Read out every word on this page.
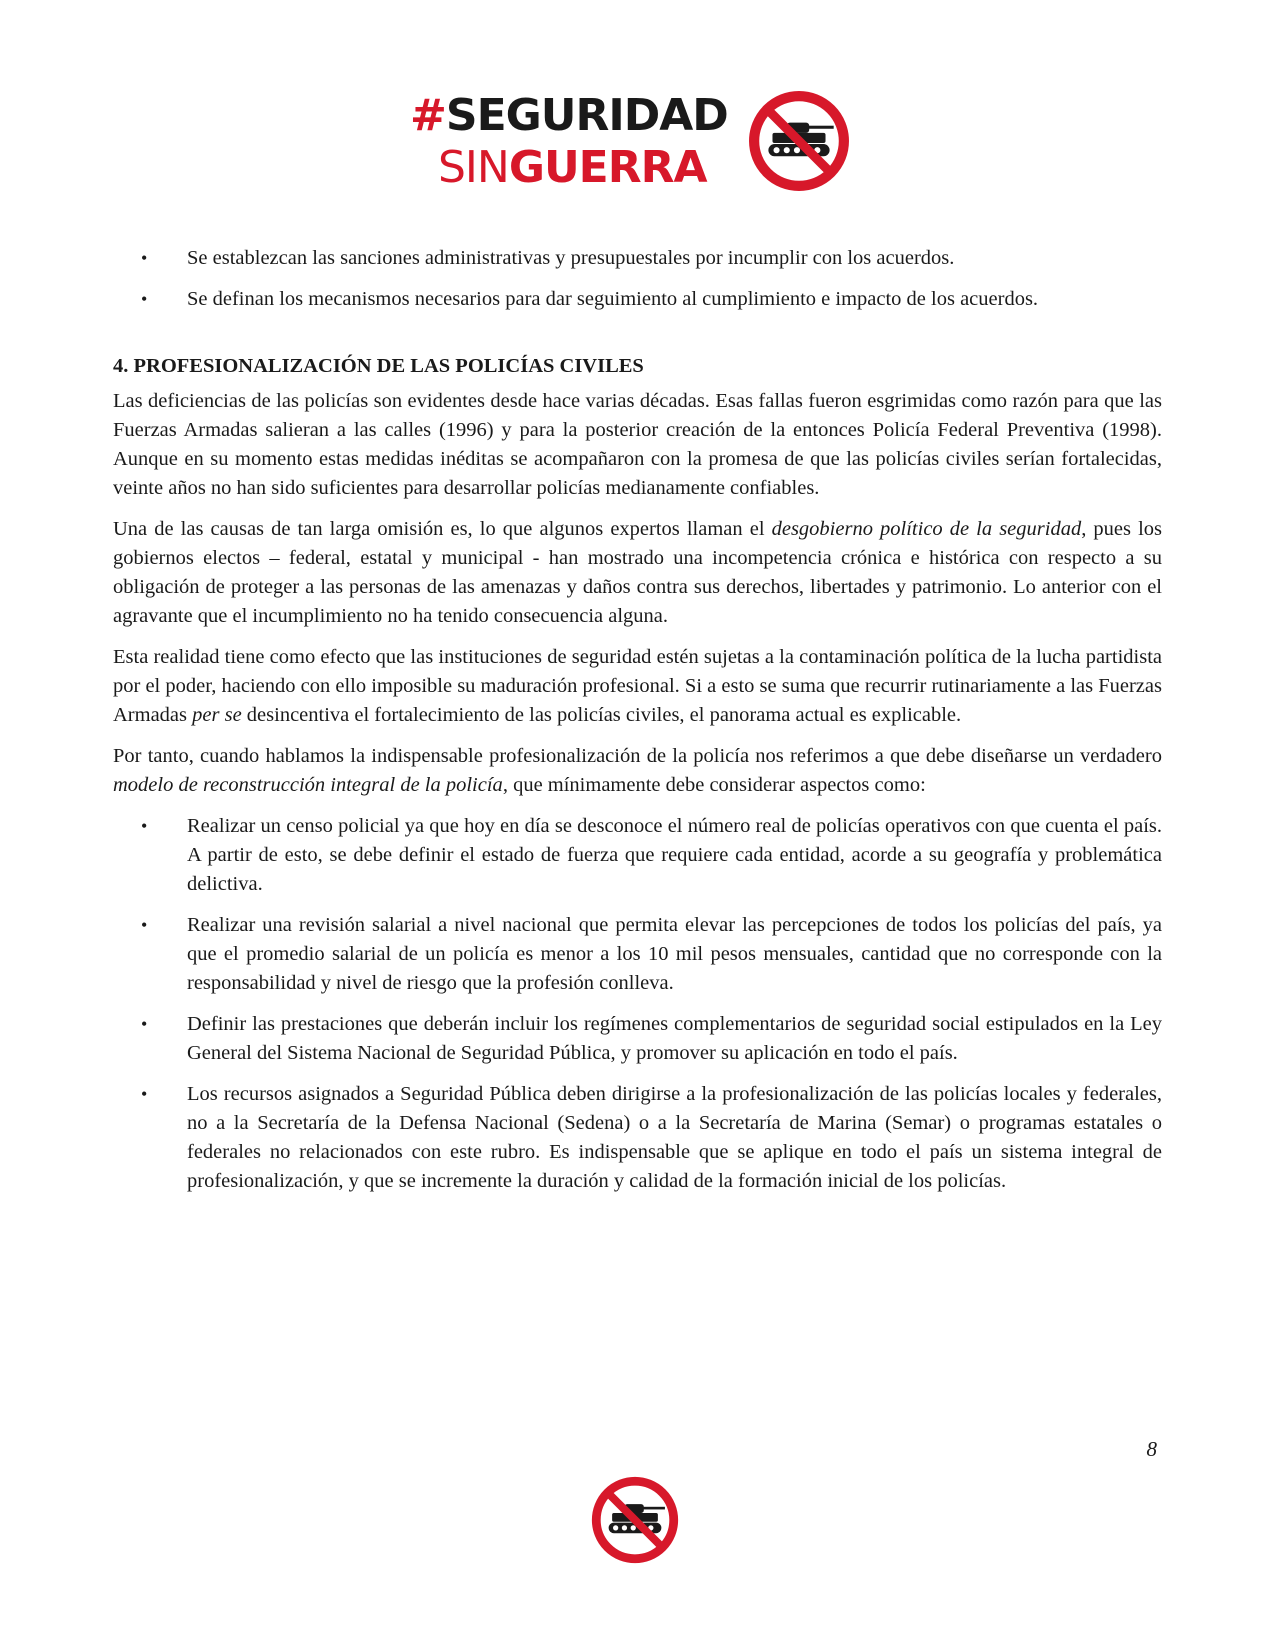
#SEGURIDAD
SINGUERRA
• Se establezcan las sanciones administrativas y presupuestales por incumplir con los acuerdos.
• Se definan los mecanismos necesarios para dar seguimiento al cumplimiento e impacto de los acuerdos.
4. PROFESIONALIZACIÓN DE LAS POLICÍAS CIVILES

Las deficiencias de las policías son evidentes desde hace varias décadas. Esas fallas fueron esgrimidas como razón para que las Fuerzas Armadas salieran a las calles (1996) y para la posterior creación de la entonces Policía Federal Preventiva (1998). Aunque en su momento estas medidas inéditas se acompañaron con la promesa de que las policías civiles serían fortalecidas, veinte años no han sido suficientes para desarrollar policías medianamente confiables.

Una de las causas de tan larga omisión es, lo que algunos expertos llaman el desgobierno político de la seguridad, pues los gobiernos electos – federal, estatal y municipal - han mostrado una incompetencia crónica e histórica con respecto a su obligación de proteger a las personas de las amenazas y daños contra sus derechos, libertades y patrimonio. Lo anterior con el agravante que el incumplimiento no ha tenido consecuencia alguna.

Esta realidad tiene como efecto que las instituciones de seguridad estén sujetas a la contaminación política de la lucha partidista por el poder, haciendo con ello imposible su maduración profesional. Si a esto se suma que recurrir rutinariamente a las Fuerzas Armadas per se desincentiva el fortalecimiento de las policías civiles, el panorama actual es explicable.

Por tanto, cuando hablamos la indispensable profesionalización de la policía nos referimos a que debe diseñarse un verdadero modelo de reconstrucción integral de la policía, que mínimamente debe considerar aspectos como:

• Realizar un censo policial ya que hoy en día se desconoce el número real de policías operativos con que cuenta el país. A partir de esto, se debe definir el estado de fuerza que requiere cada entidad, acorde a su geografía y problemática delictiva.
• Realizar una revisión salarial a nivel nacional que permita elevar las percepciones de todos los policías del país, ya que el promedio salarial de un policía es menor a los 10 mil pesos mensuales, cantidad que no corresponde con la responsabilidad y nivel de riesgo que la profesión conlleva.
• Definir las prestaciones que deberán incluir los regímenes complementarios de seguridad social estipulados en la Ley General del Sistema Nacional de Seguridad Pública, y promover su aplicación en todo el país.
• Los recursos asignados a Seguridad Pública deben dirigirse a la profesionalización de las policías locales y federales, no a la Secretaría de la Defensa Nacional (Sedena) o a la Secretaría de Marina (Semar) o programas estatales o federales no relacionados con este rubro. Es indispensable que se aplique en todo el país un sistema integral de profesionalización, y que se incremente la duración y calidad de la formación inicial de los policías.
8
